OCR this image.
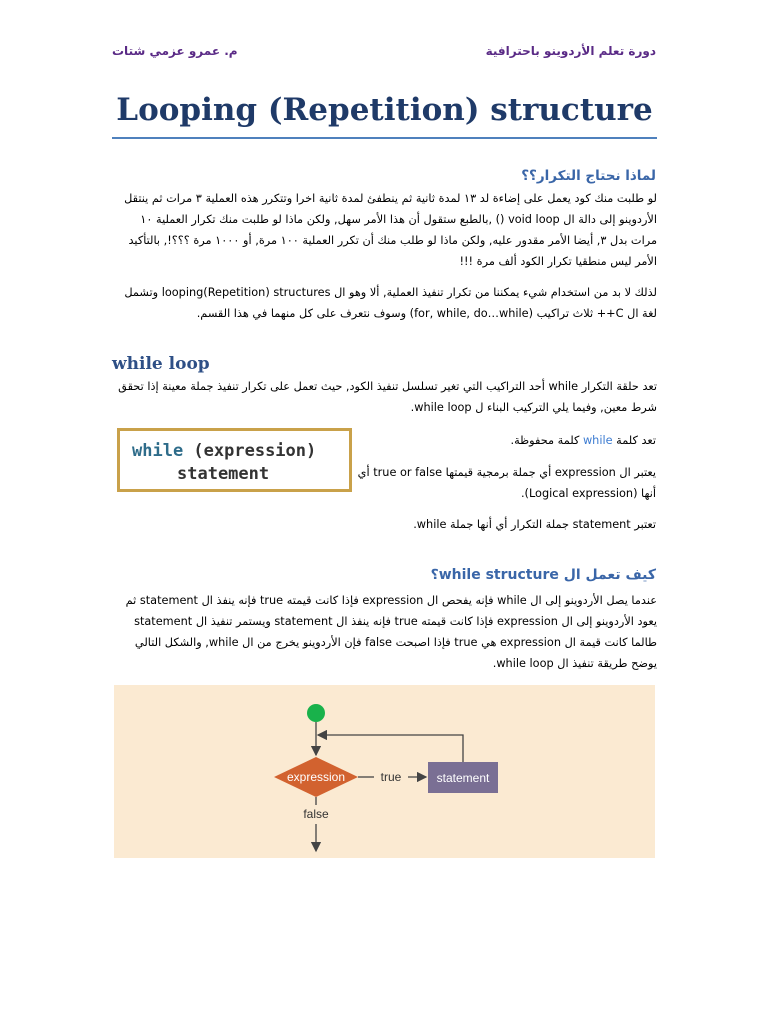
م. عمرو عزمي شتات	دورة تعلم الأردوينو باحترافية
Looping (Repetition) structure
لماذا نحتاج التكرار؟؟

لو طلبت منك كود يعمل على إضاءة لد ١٣ لمدة ثانية ثم ينطفئ لمدة ثانية اخرا وتتكرر هذه العملية ٣ مرات ثم ينتقل الأردوينو إلى دالة ال void loop () ,بالطبع ستقول أن هذا الأمر سهل, ولكن ماذا لو طلبت منك تكرار العملية ١٠ مرات بدل ٣, أيضا الأمر مقدور عليه, ولكن ماذا لو طلب منك أن تكرر العملية ١٠٠ مرة, أو ١٠٠٠ مرة ؟؟؟!, بالتأكيد الأمر ليس منطقيا تكرار الكود ألف مرة !!!

لذلك لا بد من استخدام شيء يمكننا من تكرار تنفيذ العملية, ألا وهو ال looping(Repetition) structures وتشمل لغة ال C++ ثلاث تراكيب (for, while, do…while) وسوف نتعرف على كل منهما في هذا القسم.

while loop

تعد حلقة التكرار while أحد التراكيب التي تغير تسلسل تنفيذ الكود, حيث تعمل على تكرار تنفيذ جملة معينة إذا تحقق شرط معين, وفيما يلي التركيب البناء ل while loop.

while (expression)
statement

تعد كلمة while كلمة محفوظة.

يعتبر ال expression أي جملة برمجية قيمتها true or false أي أنها (Logical expression).

تعتبر statement جملة التكرار أي أنها جملة while.

كيف تعمل ال while structure؟

عندما يصل الأردوينو إلى ال while فإنه يفحص ال expression فإذا كانت قيمته true فإنه ينفذ ال statement ثم يعود الأردوينو إلى ال expression فإذا كانت قيمته true فإنه ينفذ ال statement ويستمر تنفيذ ال statement طالما كانت قيمة ال expression هي true فإذا اصبحت false فإن الأردوينو يخرج من ال while, والشكل التالي يوضح طريقة تنفيذ ال while loop.

expression	true	statement
false
